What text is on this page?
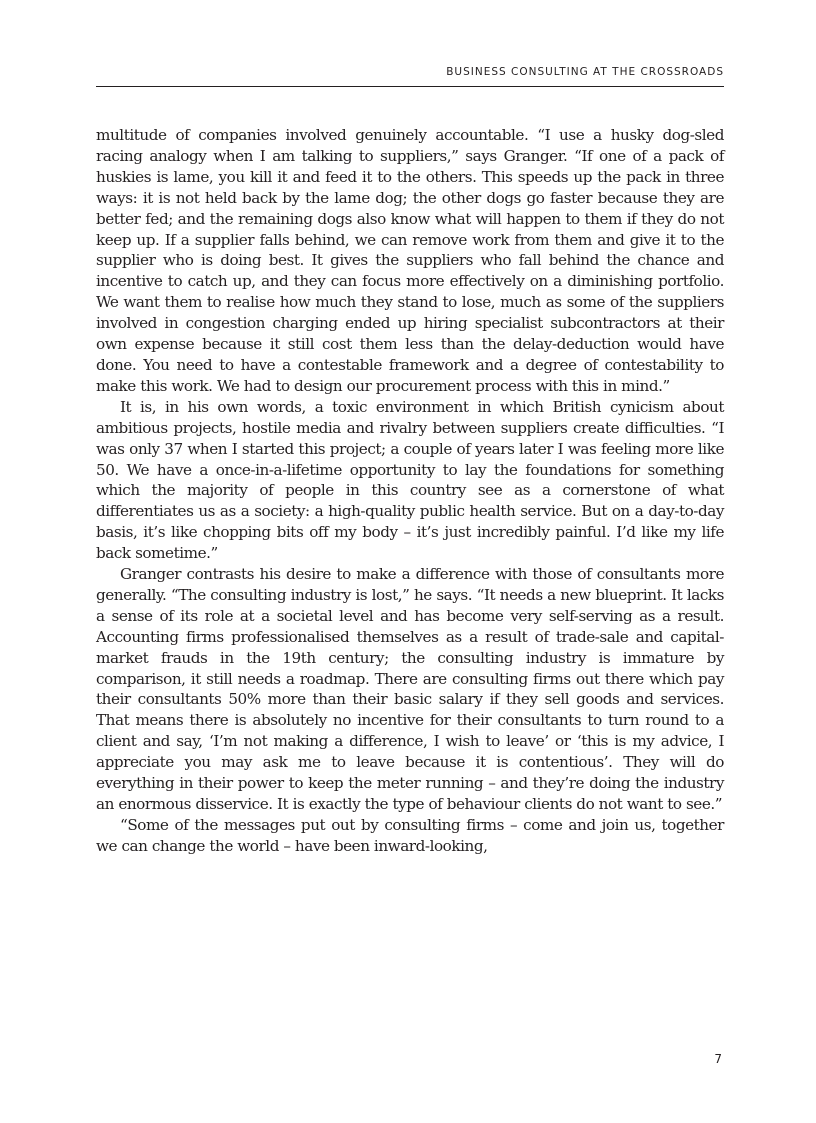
BUSINESS CONSULTING AT THE CROSSROADS

multitude of companies involved genuinely accountable. “I use a husky dog-sled racing analogy when I am talking to suppliers,” says Granger. “If one of a pack of huskies is lame, you kill it and feed it to the others. This speeds up the pack in three ways: it is not held back by the lame dog; the other dogs go faster because they are better fed; and the remaining dogs also know what will happen to them if they do not keep up. If a supplier falls behind, we can remove work from them and give it to the supplier who is doing best. It gives the suppliers who fall behind the chance and incentive to catch up, and they can focus more effectively on a diminishing portfolio. We want them to realise how much they stand to lose, much as some of the suppliers involved in congestion charging ended up hiring specialist subcontractors at their own expense because it still cost them less than the delay-deduction would have done. You need to have a contestable framework and a degree of contestability to make this work. We had to design our procurement process with this in mind.”

It is, in his own words, a toxic environment in which British cynicism about ambitious projects, hostile media and rivalry between suppliers create difficulties. “I was only 37 when I started this project; a couple of years later I was feeling more like 50. We have a once-in-a-lifetime opportunity to lay the foundations for something which the majority of people in this country see as a cornerstone of what differentiates us as a society: a high-quality public health service. But on a day-to-day basis, it’s like chopping bits off my body – it’s just incredibly painful. I’d like my life back sometime.”

Granger contrasts his desire to make a difference with those of consultants more generally. “The consulting industry is lost,” he says. “It needs a new blueprint. It lacks a sense of its role at a societal level and has become very self-serving as a result. Accounting firms professionalised themselves as a result of trade-sale and capital-market frauds in the 19th century; the consulting industry is immature by comparison, it still needs a roadmap. There are consulting firms out there which pay their consultants 50% more than their basic salary if they sell goods and services. That means there is absolutely no incentive for their consultants to turn round to a client and say, ‘I’m not making a difference, I wish to leave’ or ‘this is my advice, I appreciate you may ask me to leave because it is contentious’. They will do everything in their power to keep the meter running – and they’re doing the industry an enormous disservice. It is exactly the type of behaviour clients do not want to see.”

“Some of the messages put out by consulting firms – come and join us, together we can change the world – have been inward-looking,

7
